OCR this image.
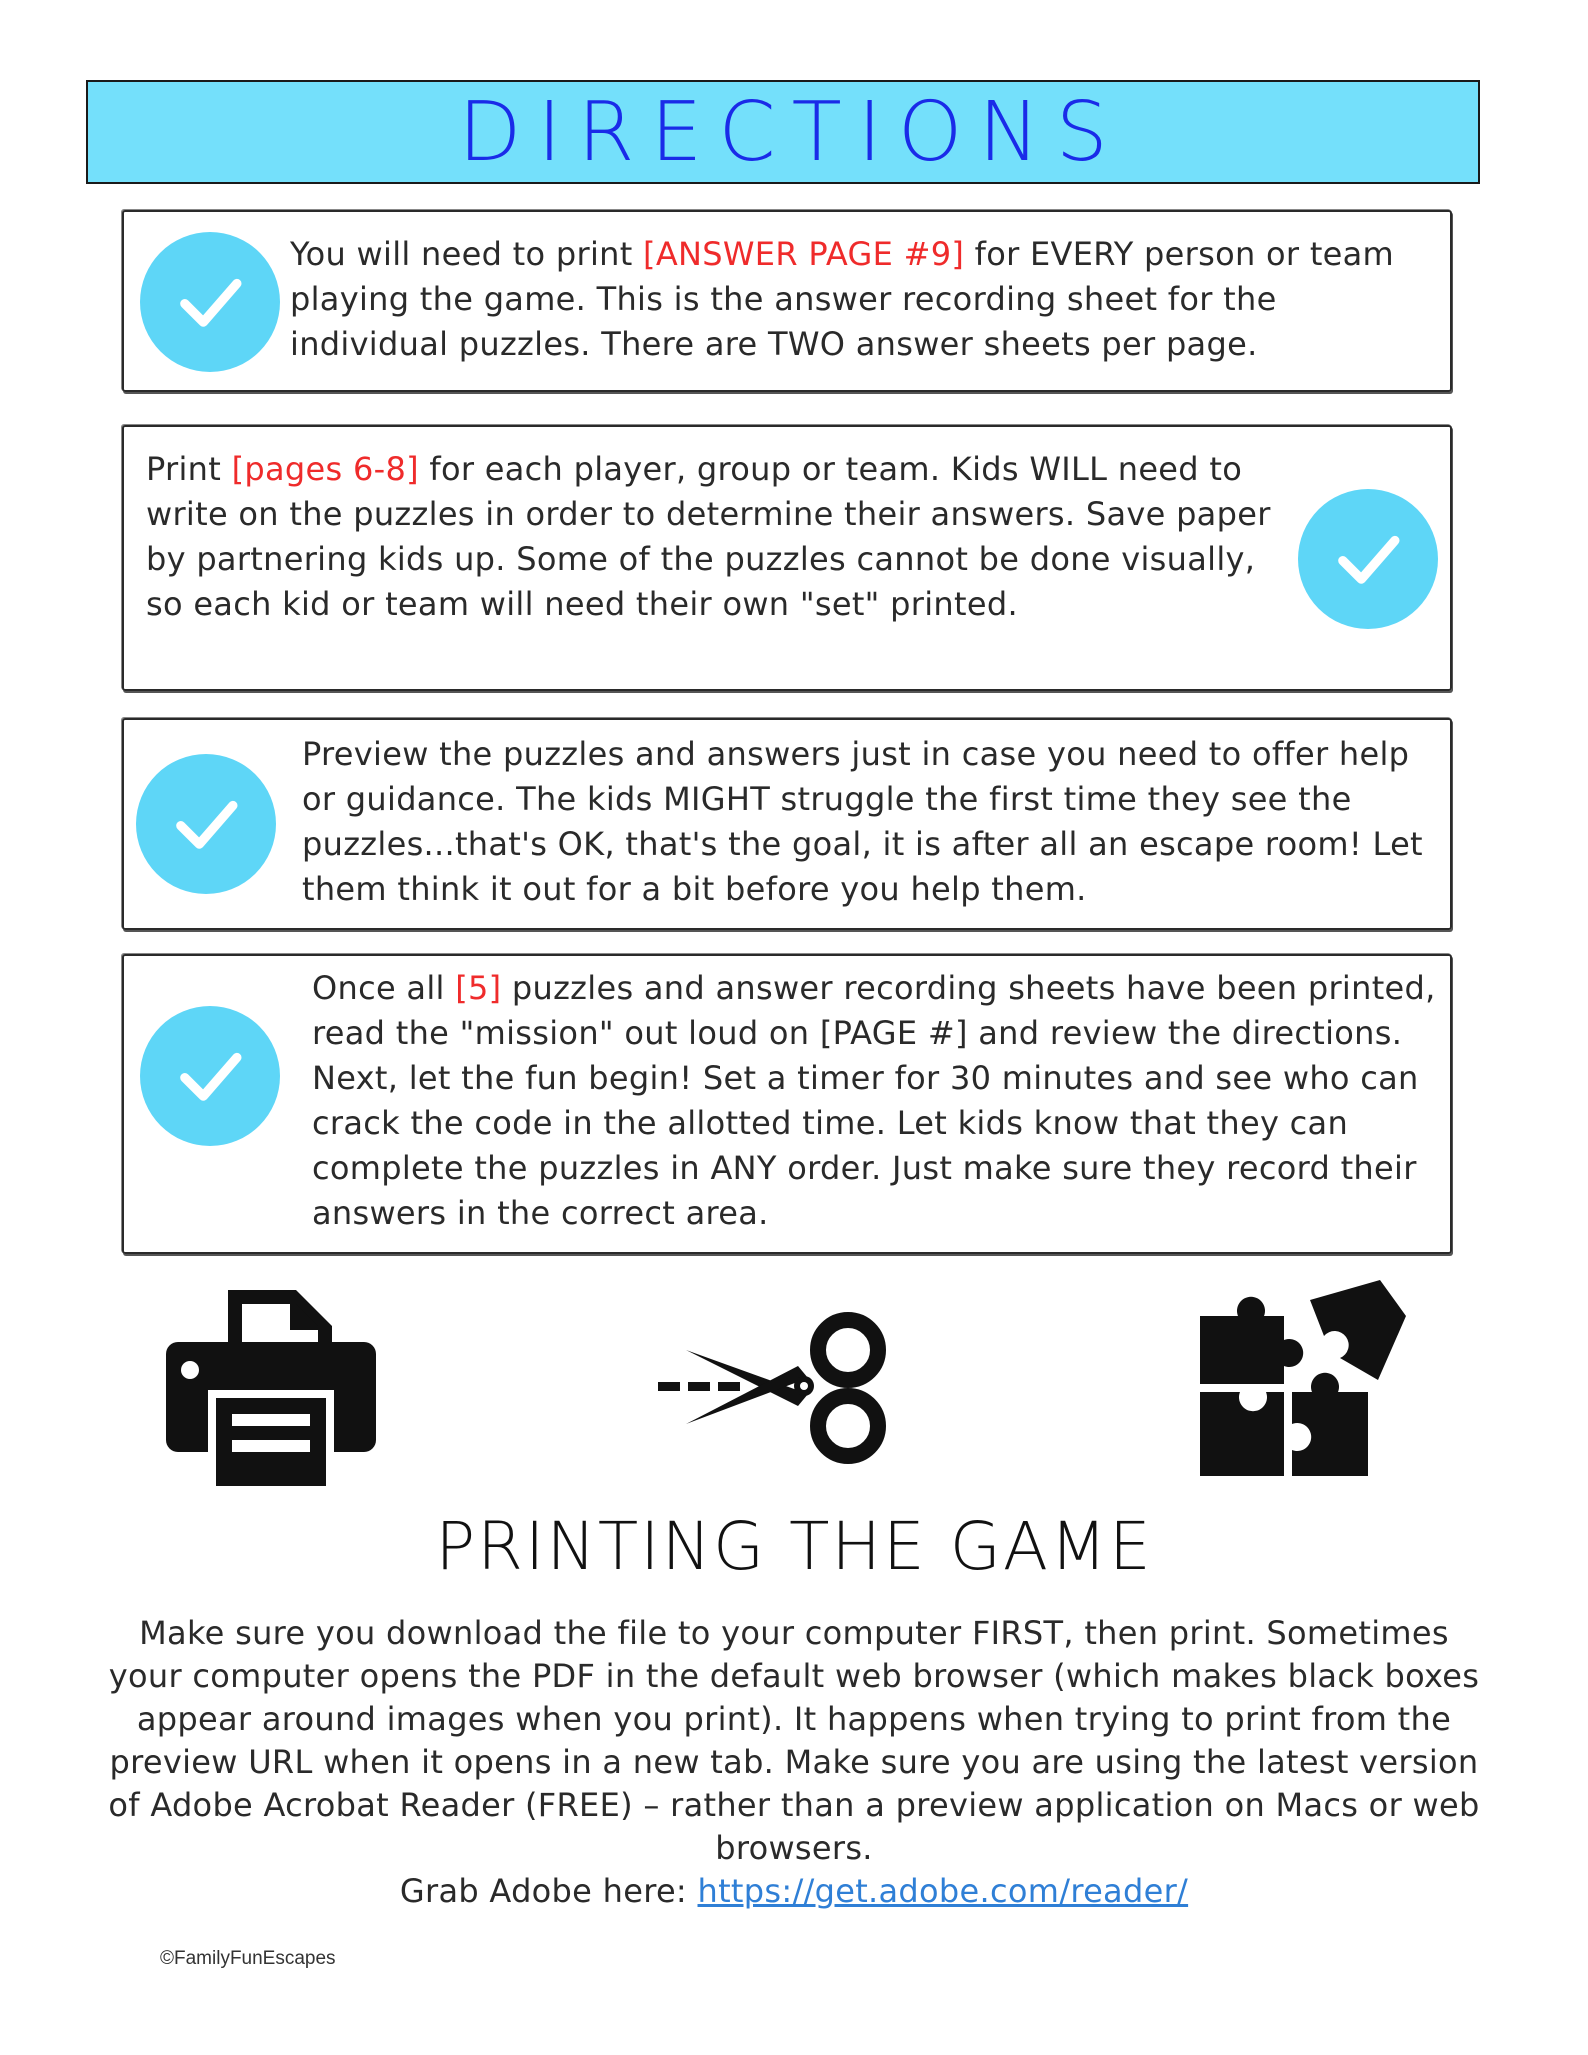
DIRECTIONS
You will need to print [ANSWER PAGE #9] for EVERY person or team playing the game. This is the answer recording sheet for the individual puzzles. There are TWO answer sheets per page.
Print [pages 6-8] for each player, group or team. Kids WILL need to write on the puzzles in order to determine their answers. Save paper by partnering kids up. Some of the puzzles cannot be done visually, so each kid or team will need their own "set" printed.
Preview the puzzles and answers just in case you need to offer help or guidance. The kids MIGHT struggle the first time they see the puzzles...that's OK, that's the goal, it is after all an escape room! Let them think it out for a bit before you help them.
Once all [5] puzzles and answer recording sheets have been printed, read the "mission" out loud on [PAGE #] and review the directions. Next, let the fun begin! Set a timer for 30 minutes and see who can crack the code in the allotted time. Let kids know that they can complete the puzzles in ANY order. Just make sure they record their answers in the correct area.
PRINTING THE GAME
Make sure you download the file to your computer FIRST, then print. Sometimes your computer opens the PDF in the default web browser (which makes black boxes appear around images when you print). It happens when trying to print from the preview URL when it opens in a new tab. Make sure you are using the latest version of Adobe Acrobat Reader (FREE) – rather than a preview application on Macs or web browsers.
Grab Adobe here: https://get.adobe.com/reader/
©FamilyFunEscapes
